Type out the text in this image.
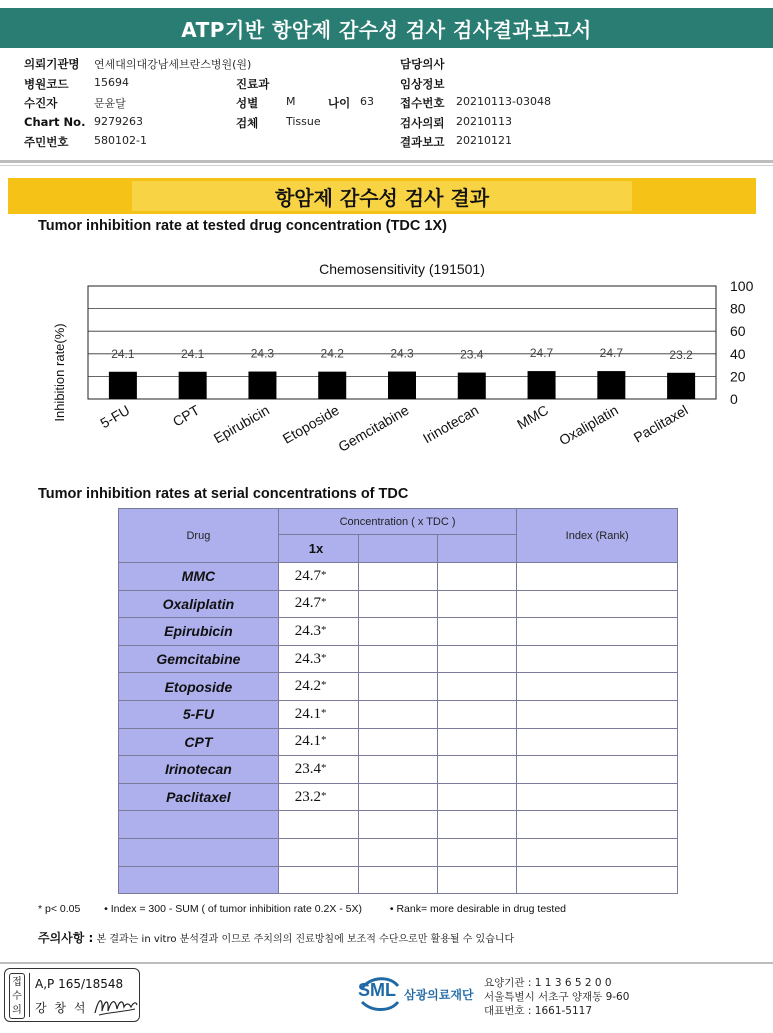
ATP기반 항암제 감수성 검사 검사결과보고서
의뢰기관명 연세대의대강남세브란스병원(원)	담당의사
병원코드 15694	진료과	임상정보
수진자	문윤달	성별	M	나이 63 접수번호 20210113-03048
Chart No. 9279263	검체	Tissue	검사의뢰 20210113
주민번호 580102-1	결과보고 20210121
항암제 감수성 검사 결과
Tumor inhibition rate at tested drug concentration (TDC 1X)
Chemosensitivity (191501)
0
20
40
60
80
100
Inhibition rate(%)	24.1
5-FU
24.1
CPT
24.3
Epirubicin
24.2
Etoposide
24.3
Gemcitabine
23.4
Irinotecan
24.7
MMC
24.7
Oxaliplatin
23.2
Paclitaxel
Tumor inhibition rates at serial concentrations of TDC
Drug	Concentration ( x TDC )			Index (Rank)
	1x			
MMC	24.7*			
Oxaliplatin	24.7*			
Epirubicin	24.3*			
Gemcitabine	24.3*			
Etoposide	24.2*			
5-FU	24.1*			
CPT	24.1*			
Irinotecan	23.4*			
Paclitaxel	23.2*			

* p< 0.05 • Index = 300 - SUM ( of tumor inhibition rate 0.2X - 5X)	• Rank= more desirable in drug tested
주의사항 : 본 결과는 in vitro 분석결과 이므로 주치의의 진료방침에 보조적 수단으로만 활용될 수 있습니다
접
수
의
A,P 165/18548
강 창 석
SML 삼광의료재단
요양기관 : 1 1 3 6 5 2 0 0
서울특별시 서초구 양재동 9-60
대표번호 : 1661-5117
